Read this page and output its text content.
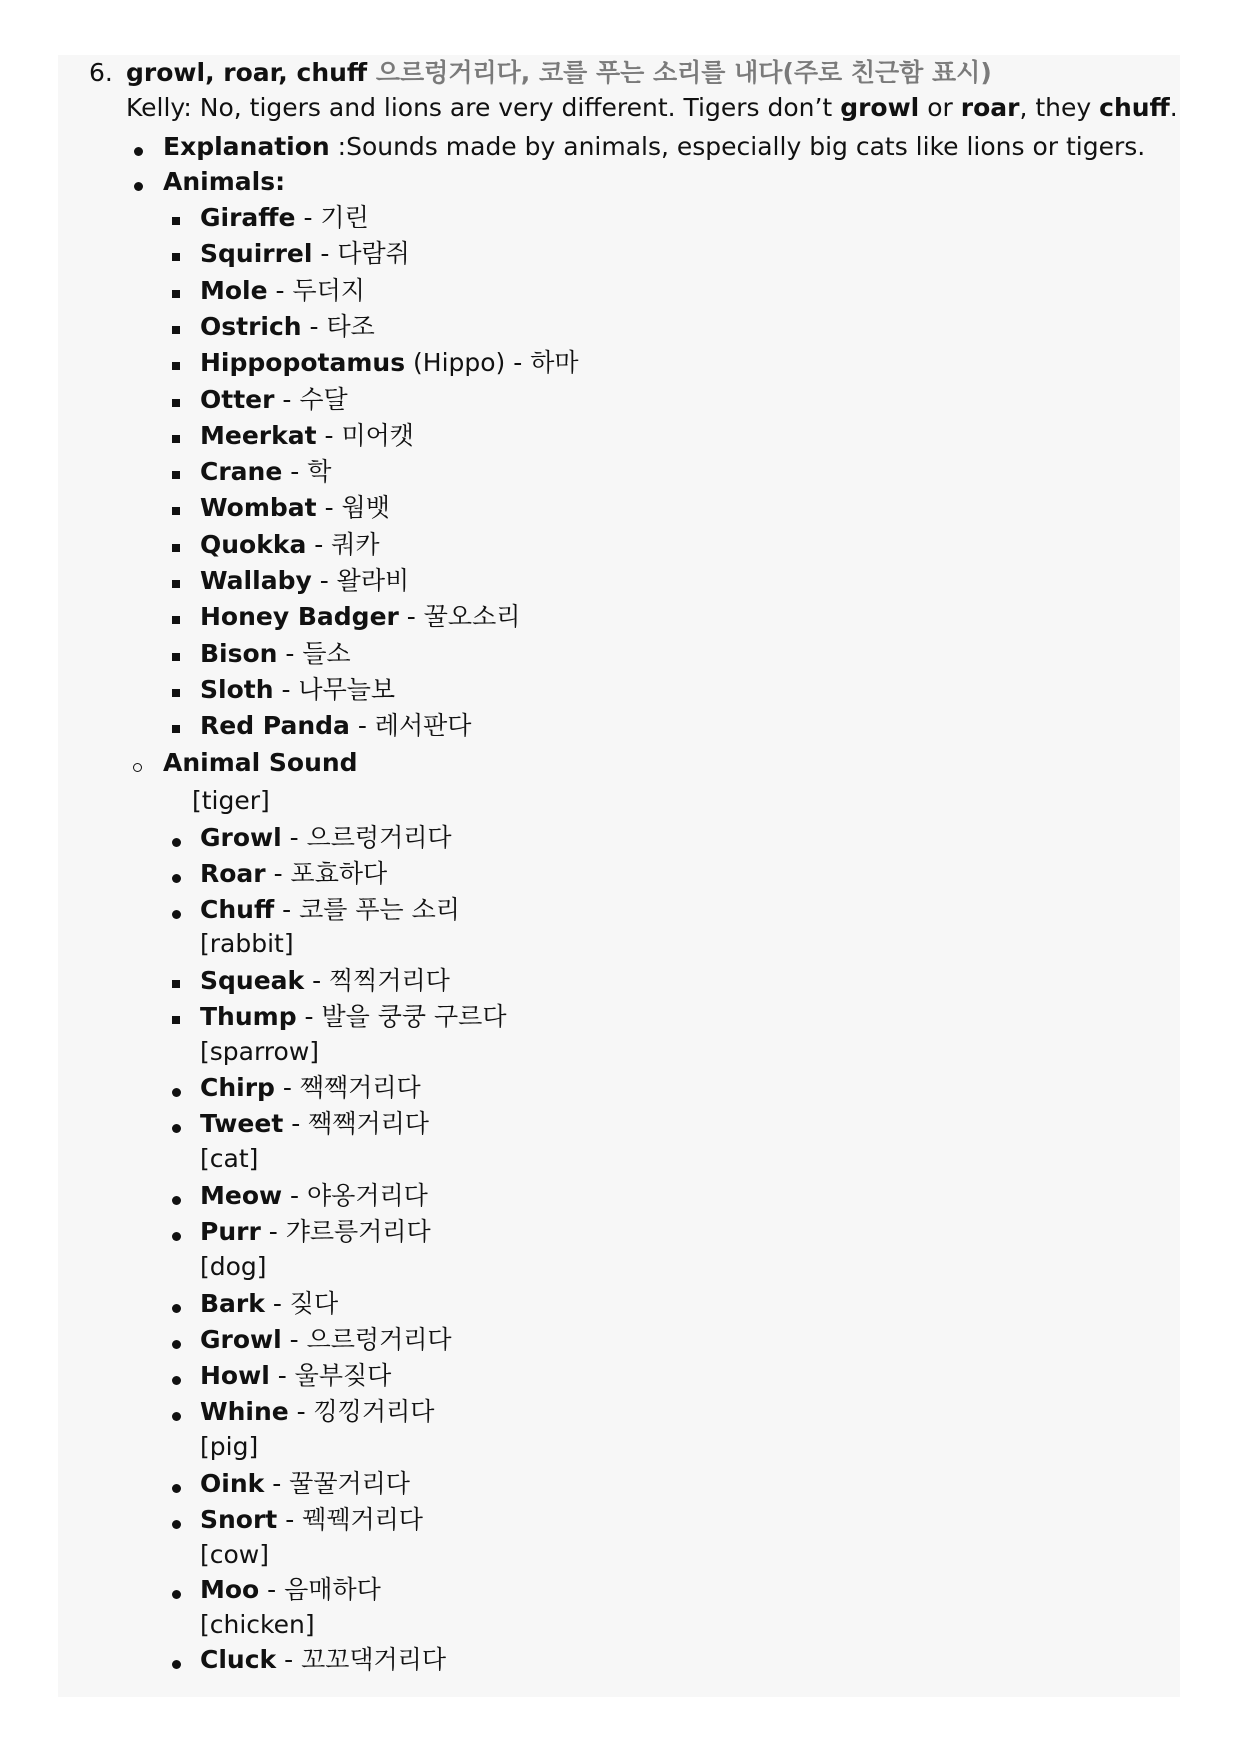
6. growl, roar, chuff 으르렁거리다, 코를 푸는 소리를 내다(주로 친근함 표시)
Kelly: No, tigers and lions are very different. Tigers don’t growl or roar, they chuff.
Explanation :Sounds made by animals, especially big cats like lions or tigers.
Animals:
Giraffe - 기린
Squirrel - 다람쥐
Mole - 두더지
Ostrich - 타조
Hippopotamus (Hippo) - 하마
Otter - 수달
Meerkat - 미어캣
Crane - 학
Wombat - 웜뱃
Quokka - 쿼카
Wallaby - 왈라비
Honey Badger - 꿀오소리
Bison - 들소
Sloth - 나무늘보
Red Panda - 레서판다
Animal Sound
[tiger]
Growl - 으르렁거리다
Roar - 포효하다
Chuff - 코를 푸는 소리
[rabbit]
Squeak - 찍찍거리다
Thump - 발을 쿵쿵 구르다
[sparrow]
Chirp - 짹짹거리다
Tweet - 짹짹거리다
[cat]
Meow - 야옹거리다
Purr - 갸르릉거리다
[dog]
Bark - 짖다
Growl - 으르렁거리다
Howl - 울부짖다
Whine - 낑낑거리다
[pig]
Oink - 꿀꿀거리다
Snort - 꿱꿱거리다
[cow]
Moo - 음매하다
[chicken]
Cluck - 꼬꼬댁거리다
